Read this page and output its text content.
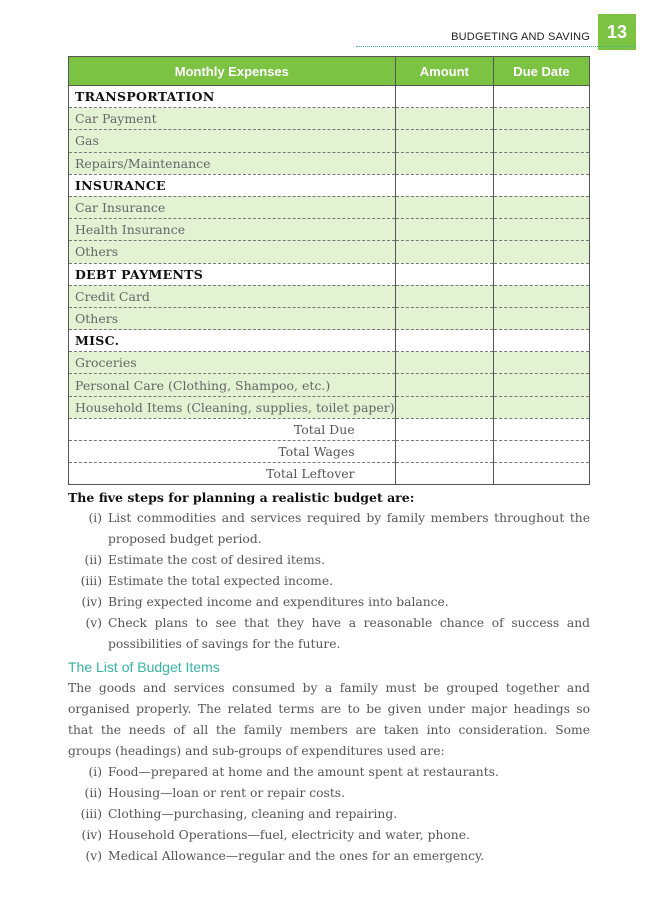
BUDGETING AND SAVING 13
Monthly Expenses	Amount	Due Date
TRANSPORTATION		
Car Payment		
Gas		
Repairs/Maintenance		
INSURANCE		
Car Insurance		
Health Insurance		
Others		
DEBT PAYMENTS		
Credit Card		
Others		
MISC.		
Groceries		
Personal Care (Clothing, Shampoo, etc.)		
Household Items (Cleaning, supplies, toilet paper)		
Total Due		
Total Wages		
Total Leftover		
The five steps for planning a realistic budget are:
(i) List commodities and services required by family members throughout the proposed budget period.
(ii) Estimate the cost of desired items.
(iii) Estimate the total expected income.
(iv) Bring expected income and expenditures into balance.
(v) Check plans to see that they have a reasonable chance of success and possibilities of savings for the future.
The List of Budget Items

The goods and services consumed by a family must be grouped together and organised properly. The related terms are to be given under major headings so that the needs of all the family members are taken into consideration. Some groups (headings) and sub-groups of expenditures used are:

(i) Food—prepared at home and the amount spent at restaurants.
(ii) Housing—loan or rent or repair costs.
(iii) Clothing—purchasing, cleaning and repairing.
(iv) Household Operations—fuel, electricity and water, phone.
(v) Medical Allowance—regular and the ones for an emergency.
